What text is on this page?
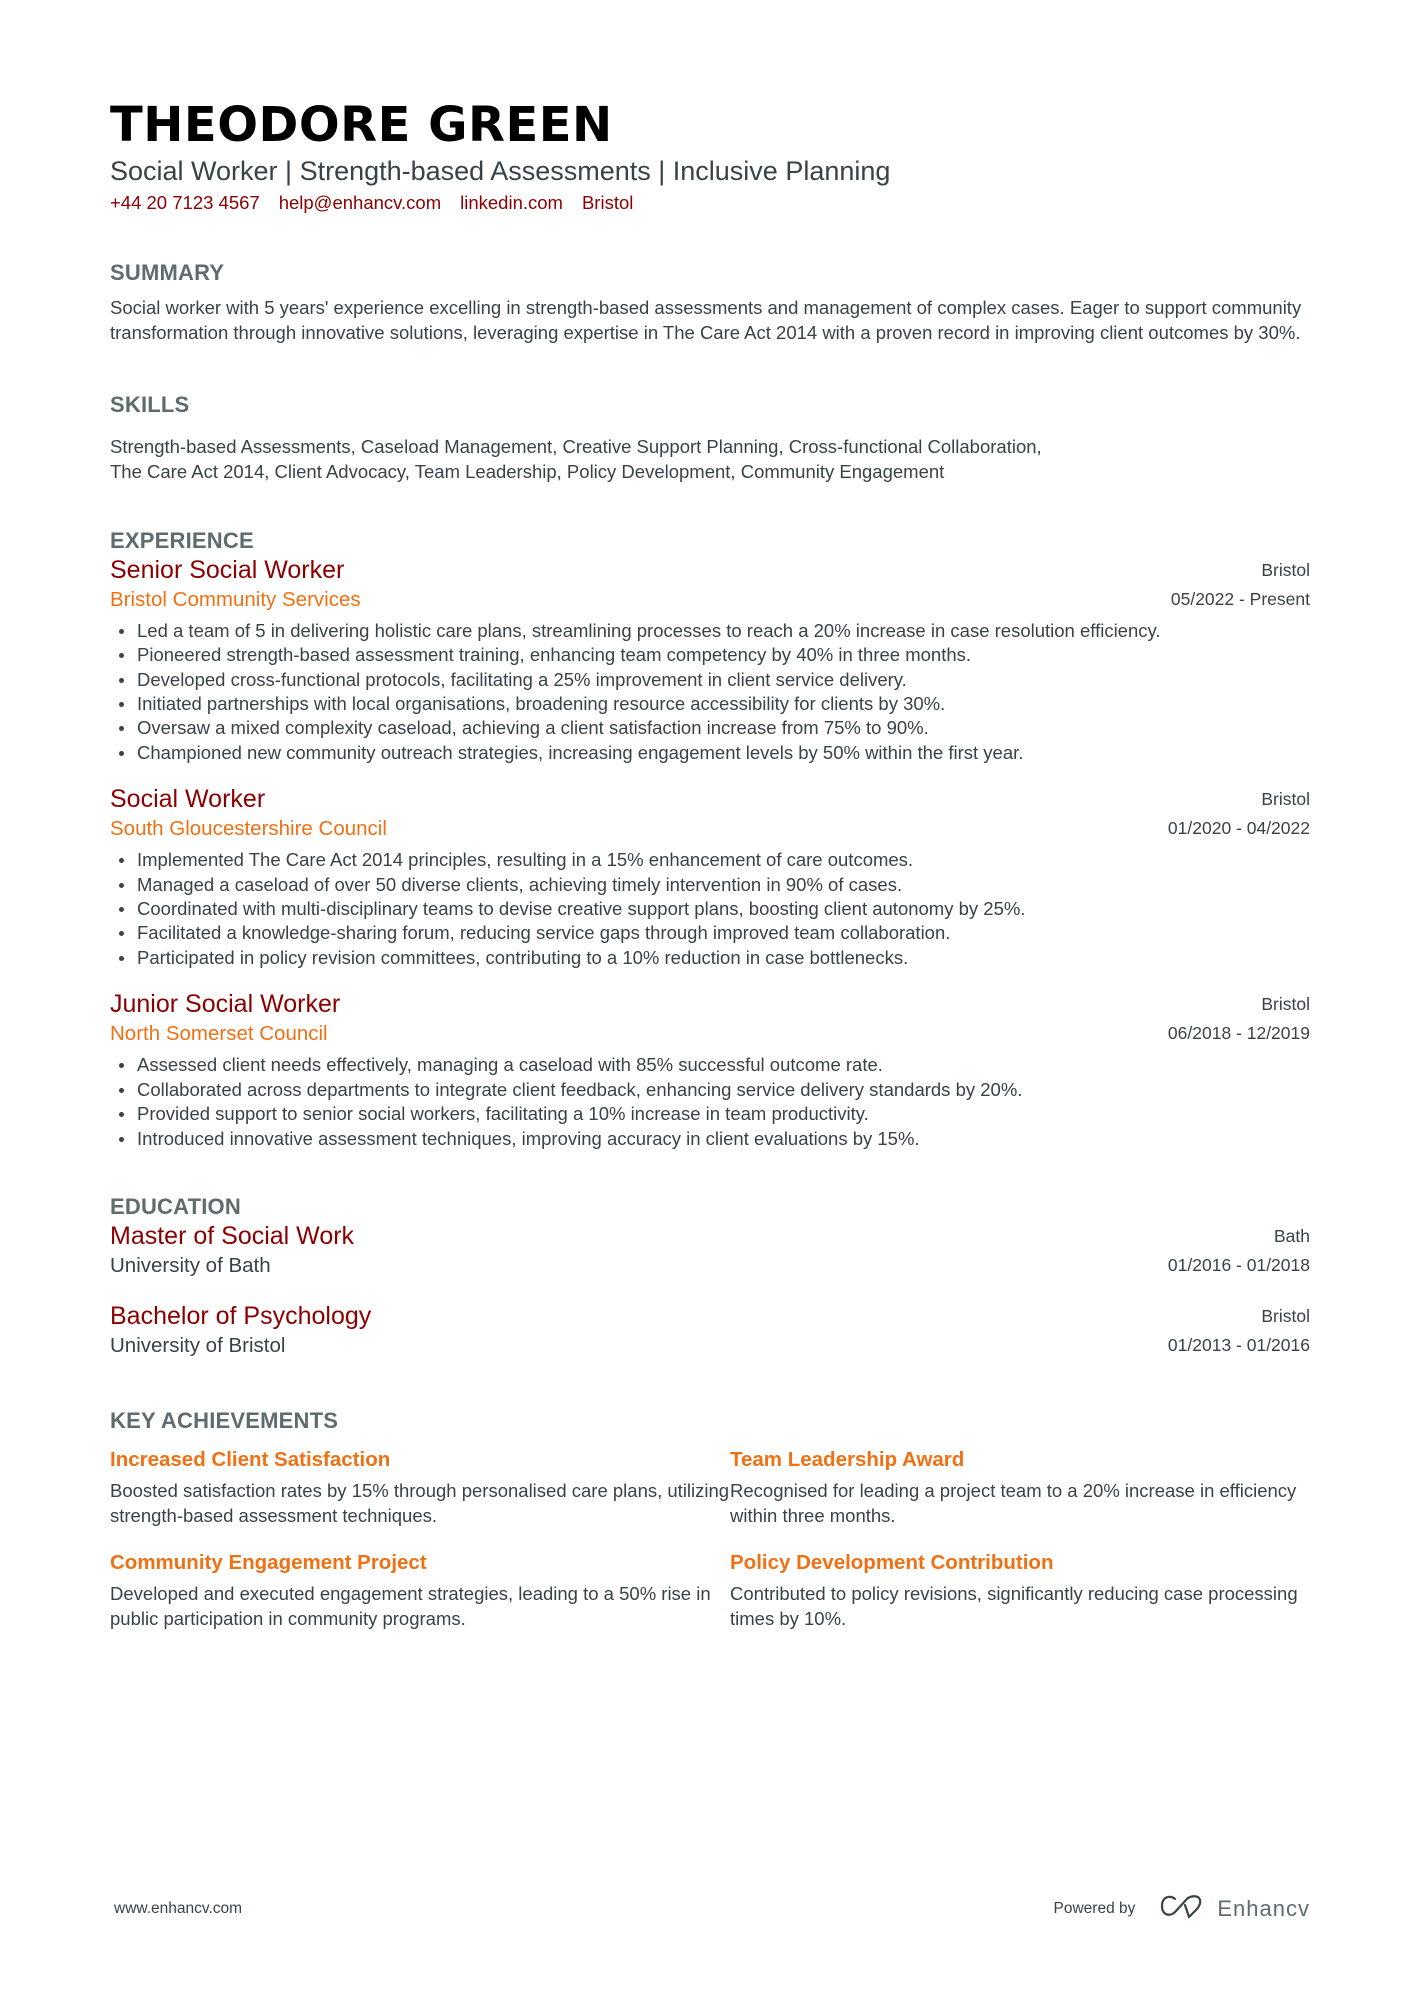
THEODORE GREEN
Social Worker | Strength-based Assessments | Inclusive Planning
+44 20 7123 4567 help@enhancv.com linkedin.com Bristol
SUMMARY

Social worker with 5 years' experience excelling in strength-based assessments and management of complex cases. Eager to support community transformation through innovative solutions, leveraging expertise in The Care Act 2014 with a proven record in improving client outcomes by 30%.

SKILLS
Strength-based Assessments, Caseload Management, Creative Support Planning, Cross-functional Collaboration,
The Care Act 2014, Client Advocacy, Team Leadership, Policy Development, Community Engagement
EXPERIENCE
Senior Social Worker
Bristol Community Services
Bristol
05/2022 - Present
Led a team of 5 in delivering holistic care plans, streamlining processes to reach a 20% increase in case resolution efficiency.
Pioneered strength-based assessment training, enhancing team competency by 40% in three months.
Developed cross-functional protocols, facilitating a 25% improvement in client service delivery.
Initiated partnerships with local organisations, broadening resource accessibility for clients by 30%.
Oversaw a mixed complexity caseload, achieving a client satisfaction increase from 75% to 90%.
Championed new community outreach strategies, increasing engagement levels by 50% within the first year.
Social Worker
South Gloucestershire Council
Bristol
01/2020 - 04/2022
Implemented The Care Act 2014 principles, resulting in a 15% enhancement of care outcomes.
Managed a caseload of over 50 diverse clients, achieving timely intervention in 90% of cases.
Coordinated with multi-disciplinary teams to devise creative support plans, boosting client autonomy by 25%.
Facilitated a knowledge-sharing forum, reducing service gaps through improved team collaboration.
Participated in policy revision committees, contributing to a 10% reduction in case bottlenecks.
Junior Social Worker
North Somerset Council
Bristol
06/2018 - 12/2019
Assessed client needs effectively, managing a caseload with 85% successful outcome rate.
Collaborated across departments to integrate client feedback, enhancing service delivery standards by 20%.
Provided support to senior social workers, facilitating a 10% increase in team productivity.
Introduced innovative assessment techniques, improving accuracy in client evaluations by 15%.
EDUCATION
Master of Social Work
University of Bath
Bath
01/2016 - 01/2018
Bachelor of Psychology
University of Bristol
Bristol
01/2013 - 01/2016
KEY ACHIEVEMENTS
Increased Client Satisfaction
Boosted satisfaction rates by 15% through personalised care plans, utilizing strength-based assessment techniques.
Team Leadership Award
Recognised for leading a project team to a 20% increase in efficiency within three months.
Community Engagement Project
Developed and executed engagement strategies, leading to a 50% rise in public participation in community programs.
Policy Development Contribution
Contributed to policy revisions, significantly reducing case processing times by 10%.
www.enhancv.com	Powered by	Enhancv
